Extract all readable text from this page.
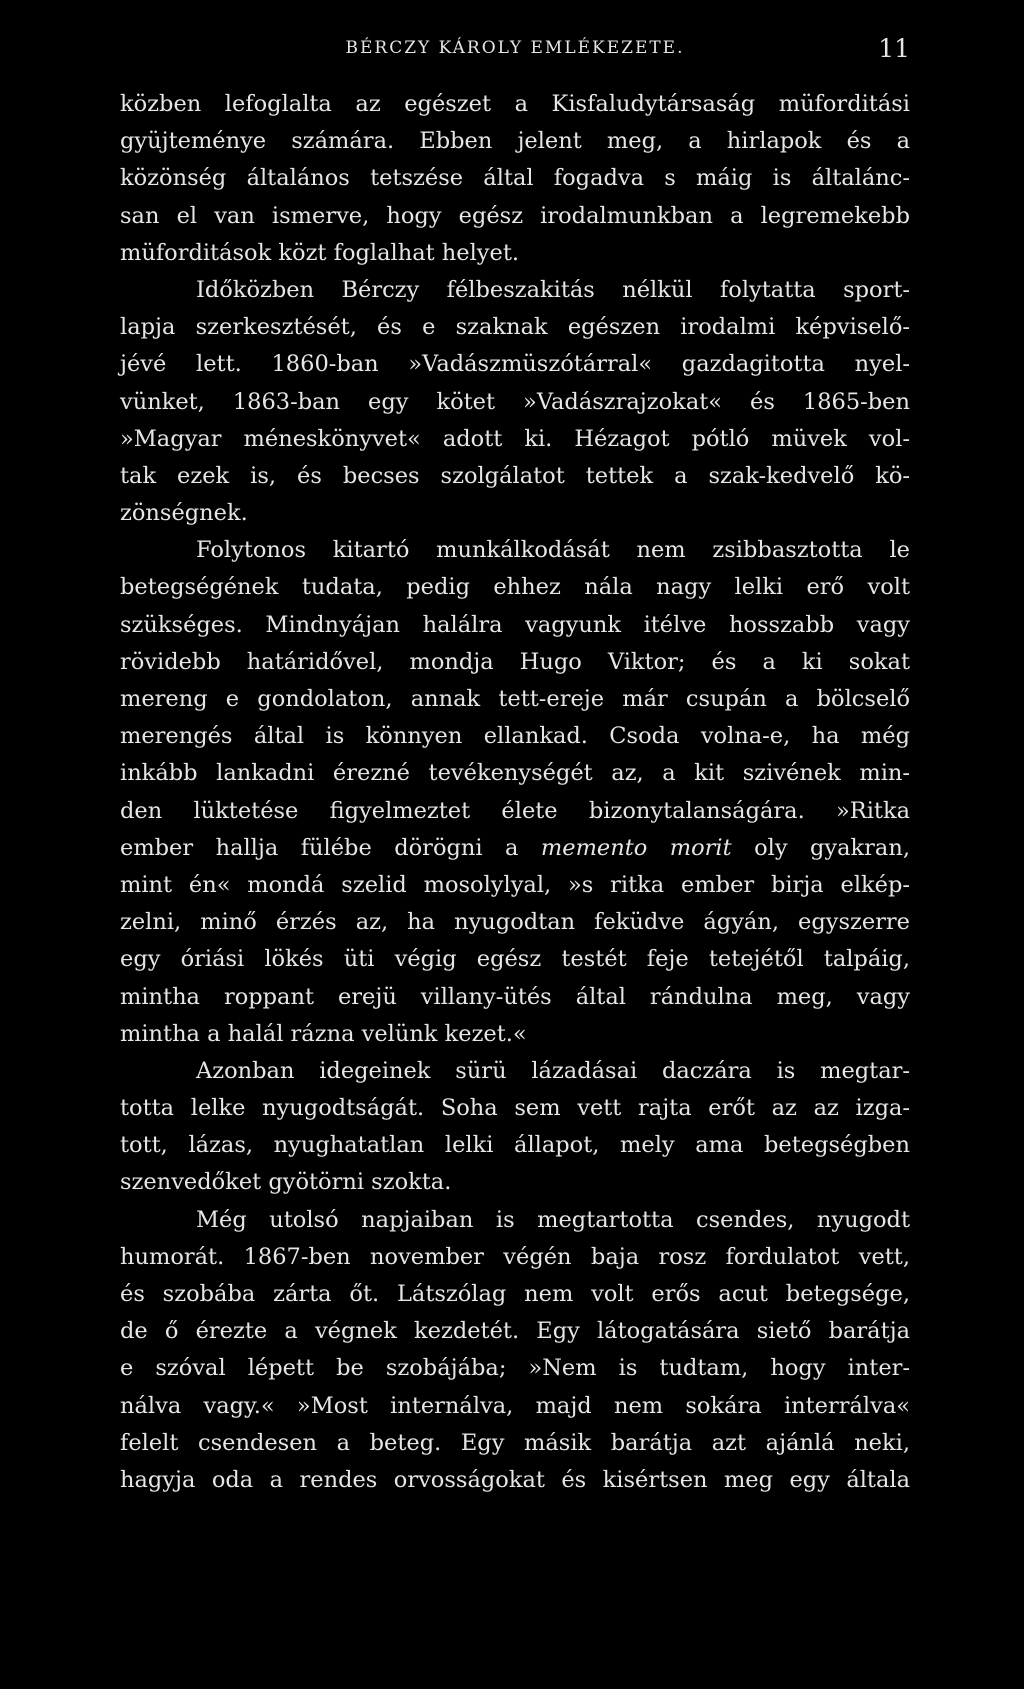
BÉRCZY KÁROLY EMLÉKEZETE.	11
közben lefoglalta az egészet a Kisfaludytársaság müforditási
gyüjteménye számára. Ebben jelent meg, a hirlapok és a
közönség általános tetszése által fogadva s máig is általánc-
san el van ismerve, hogy egész irodalmunkban a legremekebb
müforditások közt foglalhat helyet.
Időközben Bérczy félbeszakitás nélkül folytatta sport-
lapja szerkesztését, és e szaknak egészen irodalmi képviselő-
jévé lett. 1860-ban »Vadászmüszótárral« gazdagitotta nyel-
vünket, 1863-ban egy kötet »Vadászrajzokat« és 1865-ben
»Magyar méneskönyvet« adott ki. Hézagot pótló müvek vol-
tak ezek is, és becses szolgálatot tettek a szak-kedvelő kö-
zönségnek.
Folytonos kitartó munkálkodását nem zsibbasztotta le
betegségének tudata, pedig ehhez nála nagy lelki erő volt
szükséges. Mindnyájan halálra vagyunk itélve hosszabb vagy
rövidebb határidővel, mondja Hugo Viktor; és a ki sokat
mereng e gondolaton, annak tett-ereje már csupán a bölcselő
merengés által is könnyen ellankad. Csoda volna-e, ha még
inkább lankadni érezné tevékenységét az, a kit szivének min-
den lüktetése figyelmeztet élete bizonytalanságára. »Ritka
ember hallja fülébe dörögni a memento morit oly gyakran,
mint én« mondá szelid mosolylyal, »s ritka ember birja elkép-
zelni, minő érzés az, ha nyugodtan feküdve ágyán, egyszerre
egy óriási lökés üti végig egész testét feje tetejétől talpáig,
mintha roppant erejü villany-ütés által rándulna meg, vagy
mintha a halál rázna velünk kezet.«
Azonban idegeinek sürü lázadásai daczára is megtar-
totta lelke nyugodtságát. Soha sem vett rajta erőt az az izga-
tott, lázas, nyughatatlan lelki állapot, mely ama betegségben
szenvedőket gyötörni szokta.
Még utolsó napjaiban is megtartotta csendes, nyugodt
humorát. 1867-ben november végén baja rosz fordulatot vett,
és szobába zárta őt. Látszólag nem volt erős acut betegsége,
de ő érezte a végnek kezdetét. Egy látogatására siető barátja
e szóval lépett be szobájába; »Nem is tudtam, hogy inter-
nálva vagy.« »Most internálva, majd nem sokára interrálva«
felelt csendesen a beteg. Egy másik barátja azt ajánlá neki,
hagyja oda a rendes orvosságokat és kisértsen meg egy általa
